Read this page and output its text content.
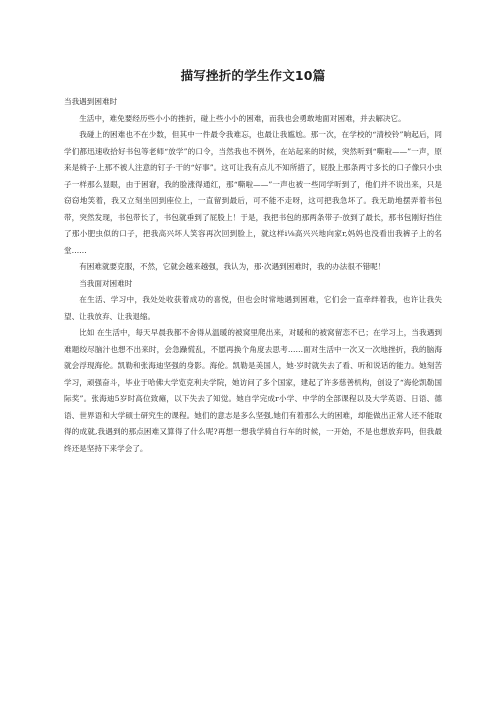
描写挫折的学生作文10篇

当我遇到困难时

生活中，难免要经历些小小的挫折，碰上些小小的困难，而我也会勇敢地面对困难，并去解决它。

我碰上的困难也不在少数，但其中一件最令我难忘，也最让我尴尬。那一次，在学校的“清校铃”响起后，同学们都迅速收拾好书包等老师“放学”的口令，当然我也不例外，在站起来的时候，突然听到“嘶啦——”一声，原来是椅子·上那不被人注意的钉子·干的“好事”。这可让我有点儿不知所措了，屁股上那条两寸多长的口子像只小虫子一样那么显眼，由于困窘，我的脸涨得通红，那“嘶啦——”一声也被一些同学听到了，他们并不说出来，只是窃窃地笑着，我又立刻坐回到座位上，一直留到最后，可不能不走呀，这可把我急坏了。我无助地摆弄着书包带，突然发现，书包带长了，书包就垂到了屁股上！于是，我把书包的那两条带子·放到了最长，那书包刚好挡住了那小肥虫似的口子，把我高兴坏人笑容再次回到脸上，就这样i⅛高兴兴地向家r,妈妈也没看出我裤子上的名堂……

有困难就要克服，不然，它就会越来越强，我认为，那·次遇到困难时，我的办法很不错呢！

当我面对困难时

在生活、学习中，我处处收获着成功的喜悦，但也会时常地遇到困难，它们会一直牵绊着我，也许让我失望、让我放弃、让我退缩。

比如 在生活中，每天早晨我都不舍得从温暖的被窝里爬出来，对暖和的被窝留恋不已；在学习上，当我遇到难题绞尽脑汁也想不出来时，会急躁慌乱，不愿再换个角度去思考……面对生活中一次又一次地挫折，我的脑海就会浮现海伦。凯勒和张海迪坚强的身影。海伦。凯勒是美国人，她·岁时就失去了看、听和说话的能力。她刻苦学习，顽强奋斗，毕业于哈佛大学览克利夫学院，她访问了多个国家，建起了许多慈善机构，创设了“海伦凯勒国际奖”。张海迪5岁时高位致瘫，以下失去了知觉。她自学完成r小学、中学的全部课程以及大学英语、日语、德语、世界语和大学硕士研究生的课程。她们的意志是多么坚强,她们有着那么大的困难，却能做出正常人还不能取得的成就,我遇到的那点困难又算得了什么呢?再想一想我学骑自行车的时候，一开始，不是也想放弃吗，但我最终还是坚持下来学会了。
